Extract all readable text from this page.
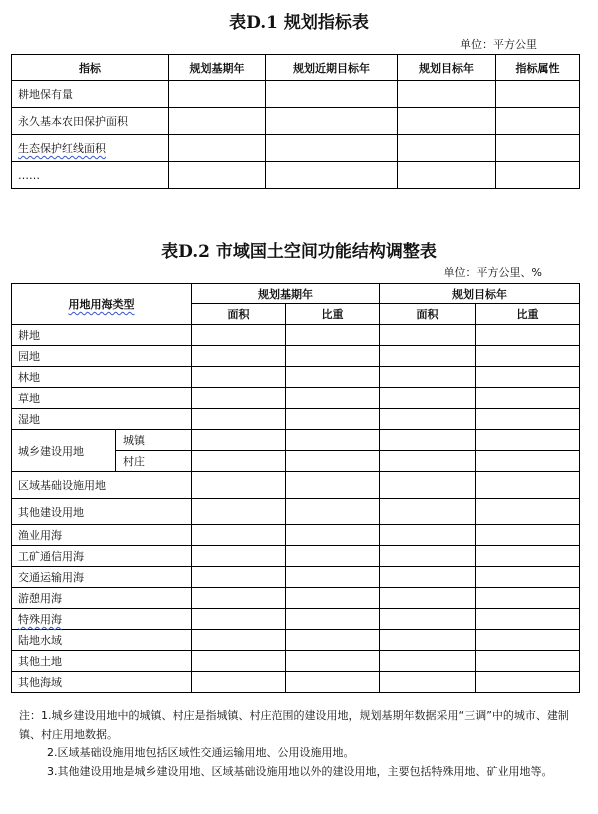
表D.1 规划指标表
单位：平方公里
指标	规划基期年	规划近期目标年	规划目标年	指标属性
耕地保有量				
永久基本农田保护面积				
生态保护红线面积				
……				
表D.2 市域国土空间功能结构调整表
单位：平方公里、%
用地用海类型		规划基期年		规划目标年	
		面积	比重	面积	比重
耕地					
园地					
林地					
草地					
湿地					
城乡建设用地	城镇				
	村庄				
区域基础设施用地					
其他建设用地					
渔业用海					
工矿通信用海					
交通运输用海					
游憩用海					
特殊用海					
陆地水域					
其他土地					
其他海域					

注：1.城乡建设用地中的城镇、村庄是指城镇、村庄范围的建设用地，规划基期年数据采用“三调”中的城市、建制镇、村庄用地数据。

2.区域基础设施用地包括区域性交通运输用地、公用设施用地。

3.其他建设用地是城乡建设用地、区域基础设施用地以外的建设用地，主要包括特殊用地、矿业用地等。
